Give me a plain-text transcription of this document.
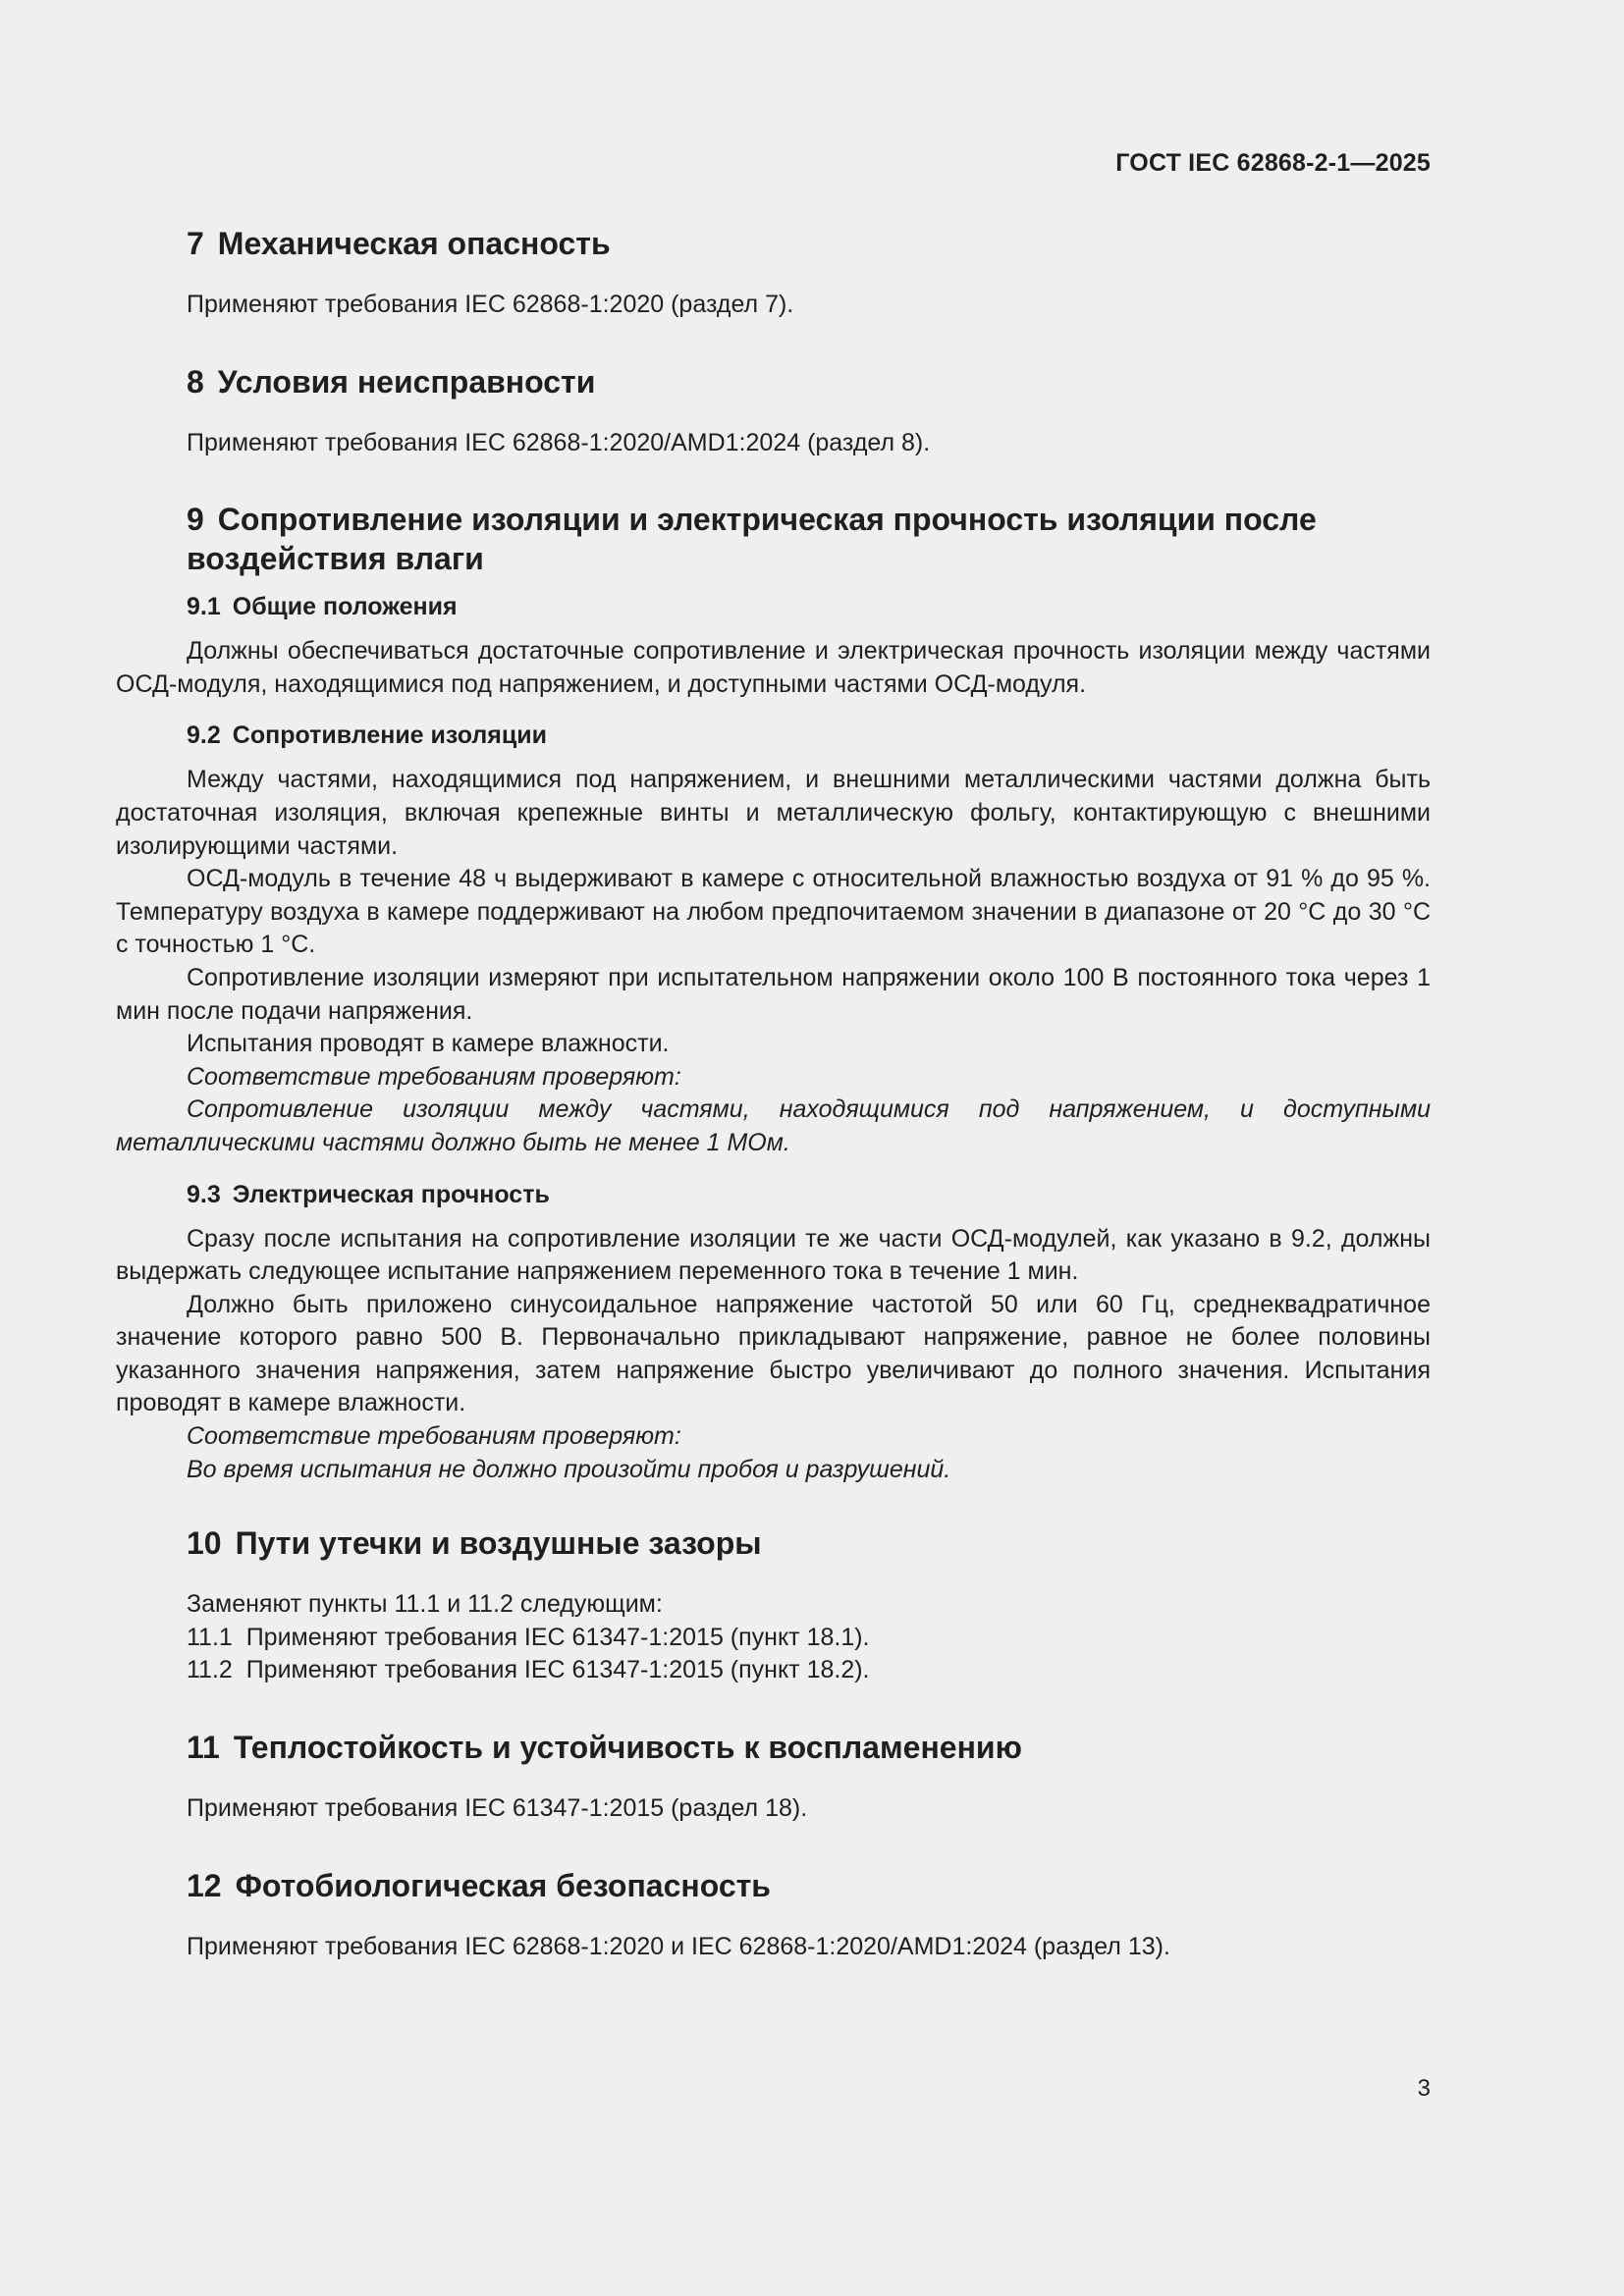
ГОСТ IEC 62868-2-1—2025
7 Механическая опасность

Применяют требования IEC 62868-1:2020 (раздел 7).

8 Условия неисправности

Применяют требования IEC 62868-1:2020/AMD1:2024 (раздел 8).

9 Сопротивление изоляции и электрическая прочность изоляции после воздействия влаги
9.1 Общие положения

Должны обеспечиваться достаточные сопротивление и электрическая прочность изоляции между частями ОСД-модуля, находящимися под напряжением, и доступными частями ОСД-модуля.

9.2 Сопротивление изоляции

Между частями, находящимися под напряжением, и внешними металлическими частями должна быть достаточная изоляция, включая крепежные винты и металлическую фольгу, контактирующую с внешними изолирующими частями.

ОСД-модуль в течение 48 ч выдерживают в камере с относительной влажностью воздуха от 91 % до 95 %. Температуру воздуха в камере поддерживают на любом предпочитаемом значении в диапазоне от 20 °C до 30 °C с точностью 1 °C.

Сопротивление изоляции измеряют при испытательном напряжении около 100 В постоянного тока через 1 мин после подачи напряжения.

Испытания проводят в камере влажности.

Соответствие требованиям проверяют:

Сопротивление изоляции между частями, находящимися под напряжением, и доступными металлическими частями должно быть не менее 1 МОм.

9.3 Электрическая прочность

Сразу после испытания на сопротивление изоляции те же части ОСД-модулей, как указано в 9.2, должны выдержать следующее испытание напряжением переменного тока в течение 1 мин.

Должно быть приложено синусоидальное напряжение частотой 50 или 60 Гц, среднеквадратичное значение которого равно 500 В. Первоначально прикладывают напряжение, равное не более половины указанного значения напряжения, затем напряжение быстро увеличивают до полного значения. Испытания проводят в камере влажности.

Соответствие требованиям проверяют:

Во время испытания не должно произойти пробоя и разрушений.

10 Пути утечки и воздушные зазоры

Заменяют пункты 11.1 и 11.2 следующим:

11.1  Применяют требования IEC 61347-1:2015 (пункт 18.1).

11.2  Применяют требования IEC 61347-1:2015 (пункт 18.2).

11 Теплостойкость и устойчивость к воспламенению

Применяют требования IEC 61347-1:2015 (раздел 18).

12 Фотобиологическая безопасность

Применяют требования IEC 62868-1:2020 и IEC 62868-1:2020/AMD1:2024 (раздел 13).

3
